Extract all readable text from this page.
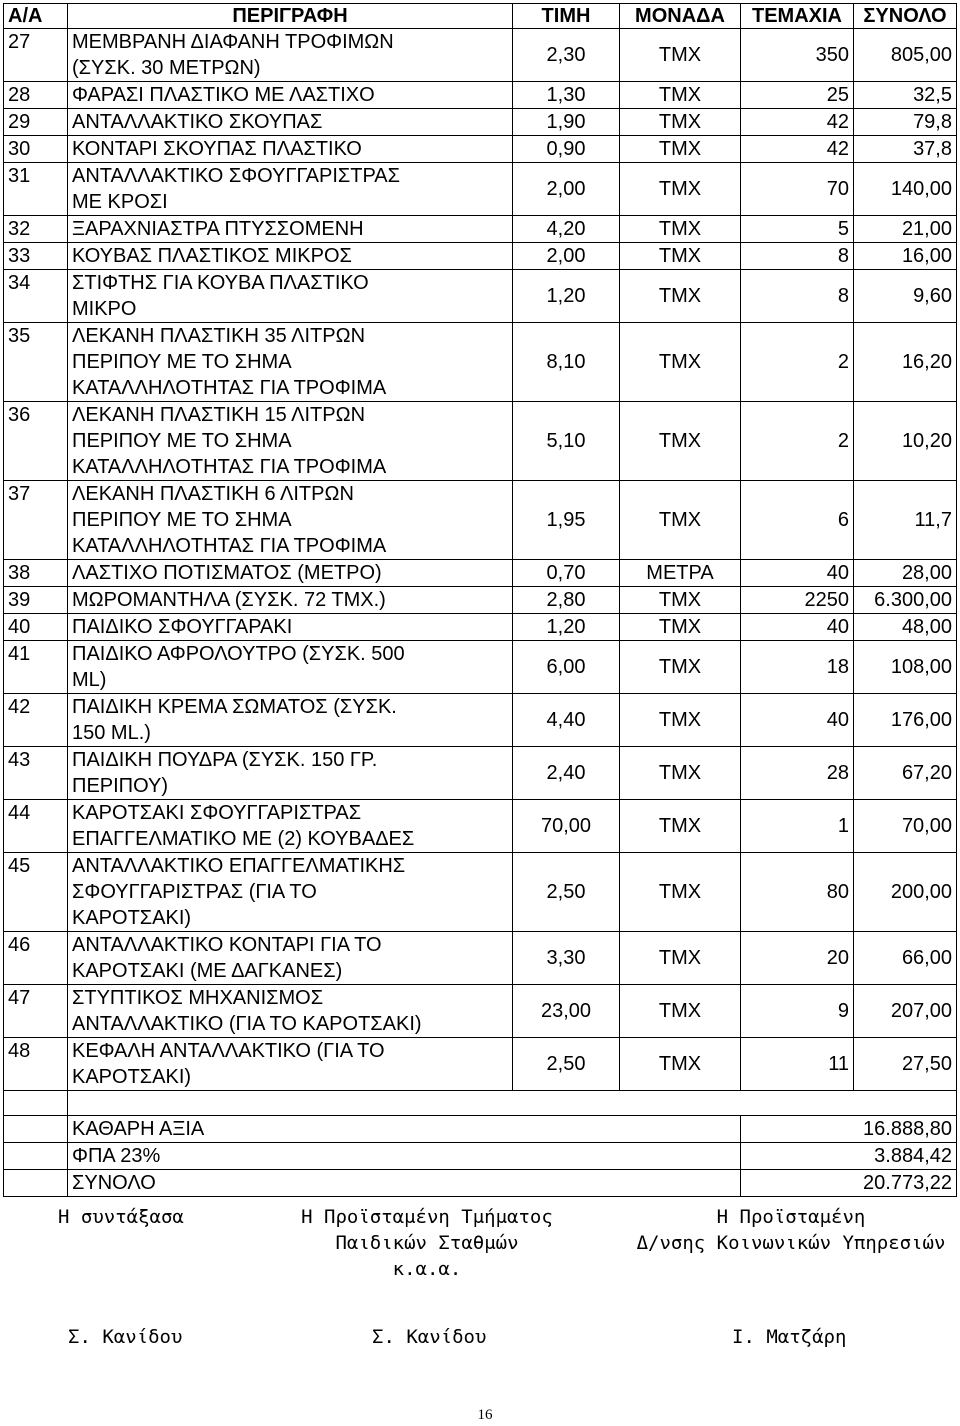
Α/Α	ΠΕΡΙΓΡΑΦΗ	ΤΙΜΗ	ΜΟΝΑΔΑ	ΤΕΜΑΧΙΑ	ΣΥΝΟΛΟ
27	ΜΕΜΒΡΑΝΗ ΔΙΑΦΑΝΗ ΤΡΟΦΙΜΩΝ
(ΣΥΣΚ. 30 ΜΕΤΡΩΝ)	2,30	ΤΜΧ	350	805,00
28	ΦΑΡΑΣΙ ΠΛΑΣΤΙΚΟ ΜΕ ΛΑΣΤΙΧΟ	1,30	ΤΜΧ	25	32,5
29	ΑΝΤΑΛΛΑΚΤΙΚΟ ΣΚΟΥΠΑΣ	1,90	ΤΜΧ	42	79,8
30	ΚΟΝΤΑΡΙ ΣΚΟΥΠΑΣ ΠΛΑΣΤΙΚΟ	0,90	ΤΜΧ	42	37,8
31	ΑΝΤΑΛΛΑΚΤΙΚΟ ΣΦΟΥΓΓΑΡΙΣΤΡΑΣ
ΜΕ ΚΡΟΣΙ	2,00	ΤΜΧ	70	140,00
32	ΞΑΡΑΧΝΙΑΣΤΡΑ ΠΤΥΣΣΟΜΕΝΗ	4,20	ΤΜΧ	5	21,00
33	ΚΟΥΒΑΣ ΠΛΑΣΤΙΚΟΣ ΜΙΚΡΟΣ	2,00	ΤΜΧ	8	16,00
34	ΣΤΙΦΤΗΣ ΓΙΑ ΚΟΥΒΑ ΠΛΑΣΤΙΚΟ
ΜΙΚΡΟ	1,20	ΤΜΧ	8	9,60
35	ΛΕΚΑΝΗ ΠΛΑΣΤΙΚΗ 35 ΛΙΤΡΩΝ
ΠΕΡΙΠΟΥ ΜΕ ΤΟ ΣΗΜΑ
ΚΑΤΑΛΛΗΛΟΤΗΤΑΣ ΓΙΑ ΤΡΟΦΙΜΑ	8,10	ΤΜΧ	2	16,20
36	ΛΕΚΑΝΗ ΠΛΑΣΤΙΚΗ 15 ΛΙΤΡΩΝ
ΠΕΡΙΠΟΥ ΜΕ ΤΟ ΣΗΜΑ
ΚΑΤΑΛΛΗΛΟΤΗΤΑΣ ΓΙΑ ΤΡΟΦΙΜΑ	5,10	ΤΜΧ	2	10,20
37	ΛΕΚΑΝΗ ΠΛΑΣΤΙΚΗ 6 ΛΙΤΡΩΝ
ΠΕΡΙΠΟΥ ΜΕ ΤΟ ΣΗΜΑ
ΚΑΤΑΛΛΗΛΟΤΗΤΑΣ ΓΙΑ ΤΡΟΦΙΜΑ	1,95	ΤΜΧ	6	11,7
38	ΛΑΣΤΙΧΟ ΠΟΤΙΣΜΑΤΟΣ (ΜΕΤΡΟ)	0,70	ΜΕΤΡΑ	40	28,00
39	ΜΩΡΟΜΑΝΤΗΛΑ (ΣΥΣΚ. 72 ΤΜΧ.)	2,80	ΤΜΧ	2250	6.300,00
40	ΠΑΙΔΙΚΟ ΣΦΟΥΓΓΑΡΑΚΙ	1,20	ΤΜΧ	40	48,00
41	ΠΑΙΔΙΚΟ ΑΦΡΟΛΟΥΤΡΟ (ΣΥΣΚ. 500
ML)	6,00	ΤΜΧ	18	108,00
42	ΠΑΙΔΙΚΗ ΚΡΕΜΑ ΣΩΜΑΤΟΣ (ΣΥΣΚ.
150 ML.)	4,40	ΤΜΧ	40	176,00
43	ΠΑΙΔΙΚΗ ΠΟΥΔΡΑ (ΣΥΣΚ. 150 ΓΡ.
ΠΕΡΙΠΟΥ)	2,40	ΤΜΧ	28	67,20
44	ΚΑΡΟΤΣΑΚΙ ΣΦΟΥΓΓΑΡΙΣΤΡΑΣ
ΕΠΑΓΓΕΛΜΑΤΙΚΟ ΜΕ (2) ΚΟΥΒΑΔΕΣ	70,00	ΤΜΧ	1	70,00
45	ΑΝΤΑΛΛΑΚΤΙΚΟ ΕΠΑΓΓΕΛΜΑΤΙΚΗΣ
ΣΦΟΥΓΓΑΡΙΣΤΡΑΣ (ΓΙΑ ΤΟ
ΚΑΡΟΤΣΑΚΙ)	2,50	ΤΜΧ	80	200,00
46	ΑΝΤΑΛΛΑΚΤΙΚΟ ΚΟΝΤΑΡΙ ΓΙΑ ΤΟ
ΚΑΡΟΤΣΑΚΙ (ΜΕ ΔΑΓΚΑΝΕΣ)	3,30	ΤΜΧ	20	66,00
47	ΣΤΥΠΤΙΚΟΣ ΜΗΧΑΝΙΣΜΟΣ
ΑΝΤΑΛΛΑΚΤΙΚΟ (ΓΙΑ ΤΟ ΚΑΡΟΤΣΑΚΙ)	23,00	ΤΜΧ	9	207,00
48	ΚΕΦΑΛΗ ΑΝΤΑΛΛΑΚΤΙΚΟ (ΓΙΑ ΤΟ
ΚΑΡΟΤΣΑΚΙ)	2,50	ΤΜΧ	11	27,50

	ΚΑΘΑΡΗ ΑΞΙΑ			16.888,80	
	ΦΠΑ 23%			3.884,42	
	ΣΥΝΟΛΟ			20.773,22	
Η συντάξασα	Η Προϊσταμένη Τμήματος
Παιδικών Σταθμών
κ.α.α.
Η Προϊσταμένη
Δ/νσης Κοινωνικών Υπηρεσιών
Σ. Κανίδου	Σ. Κανίδου	Ι. Ματζάρη
16
